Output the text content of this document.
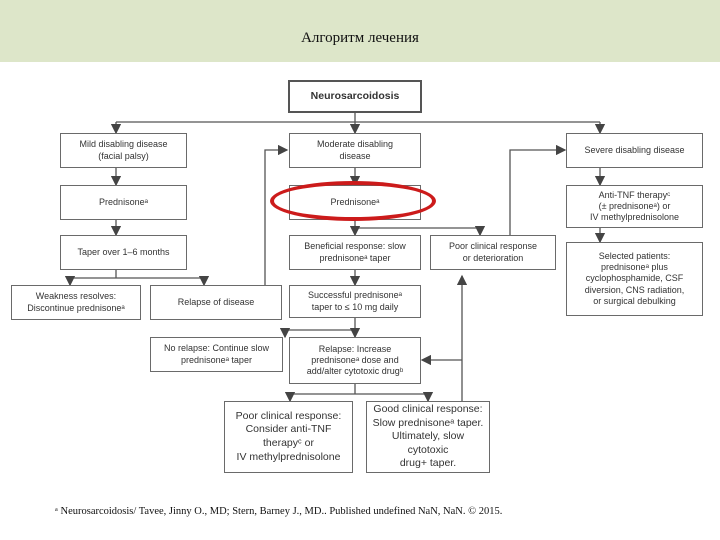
Алгоритм лечения
Neurosarcoidosis
Mild disabling disease
(facial palsy)
Moderate disabling
disease
Severe disabling disease
Prednisoneᵃ	Prednisoneᵃ
Anti-TNF therapyᶜ
(± prednisoneᵃ) or
IV methylprednisolone
Taper over 1–6 months
Beneficial response: slow
prednisoneᵃ taper
Poor clinical response
or deterioration	Selected patients:
prednisoneᵃ plus
cyclophosphamide, CSF
diversion, CNS radiation,
or surgical debulking
Weakness resolves:
Discontinue prednisoneᵃ
Relapse of disease
Successful prednisoneᵃ
taper to ≤ 10 mg daily
No relapse: Continue slow
prednisoneᵃ taper
Relapse: Increase
prednisoneᵃ dose and
add/alter cytotoxic drugᵇ
Poor clinical response:
Consider anti-TNF
therapyᶜ or
IV methylprednisolone
Good clinical response:
Slow prednisoneᵃ taper.
Ultimately, slow cytotoxic
drug+ taper.
ᵃ Neurosarcoidosis/ Tavee, Jinny O., MD; Stern, Barney J., MD.. Published undefined NaN, NaN. © 2015.
